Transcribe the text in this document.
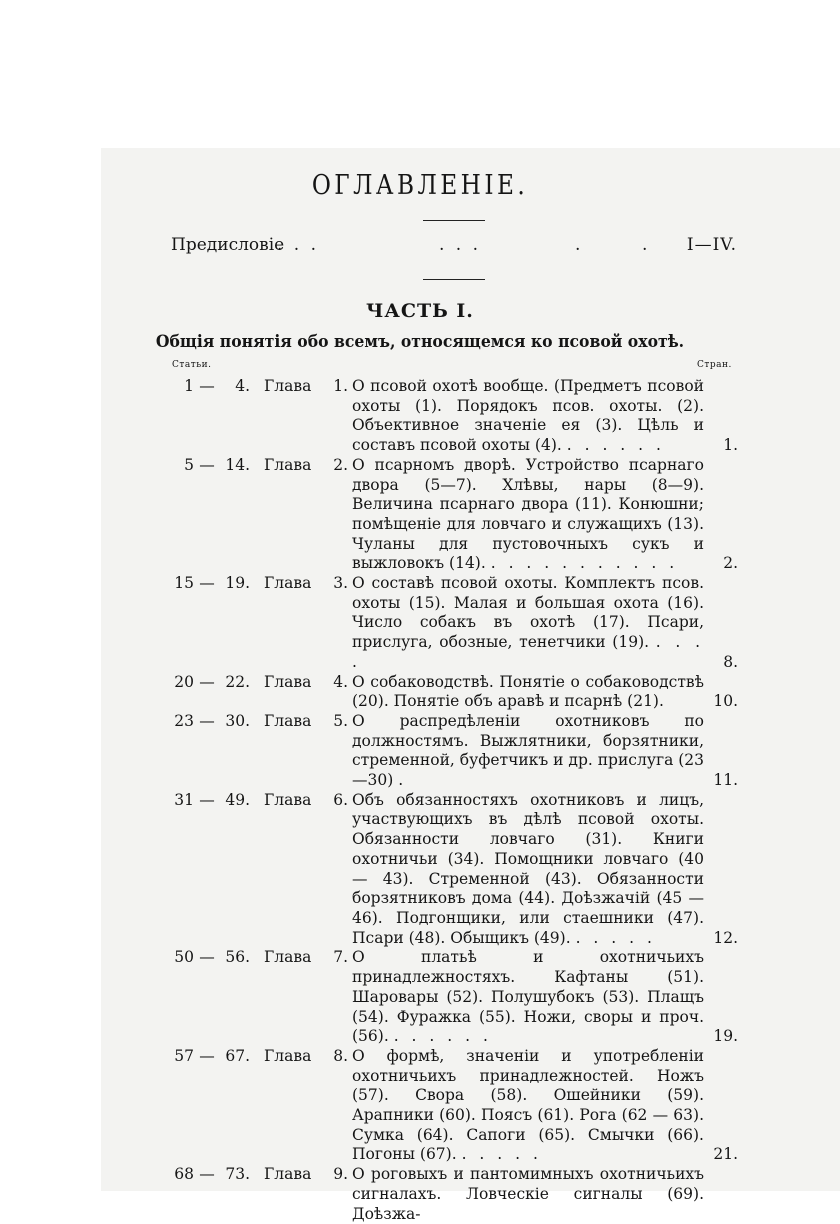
ОГЛАВЛЕНІЕ.
Предисловіе
. . .	. . .	.	. I—IV.
ЧАСТЬ I.
Общія понятія обо всемъ, относящемся ко псовой охотѣ.
Статьи.	Стран.
1 — 4. Глава	1. О псовой охотѣ вообще. (Предметъ псовой охоты (1). Порядокъ псов. охоты. (2). Объективное значеніе ея (3). Цѣль и составъ псовой охоты (4). . . . . . .	1.
5 — 14. Глава	2. О псарномъ дворѣ. Устройство псарнаго двора (5—7). Хлѣвы, нары (8—9). Величина псарнаго двора (11). Конюшни; помѣщеніе для ловчаго и служащихъ (13). Чуланы для пустовочныхъ сукъ и выжловокъ (14). . . . . . . . . . . .	2.
15 — 19. Глава	3. О составѣ псовой охоты. Комплектъ псов. охоты (15). Малая и большая охота (16). Число собакъ въ охотѣ (17). Псари, прислуга, обозные, тенетчики (19). . . . .	8.
20 — 22. Глава	4. О собаководствѣ. Понятіе о собаководствѣ (20). Понятіе объ аравѣ и псарнѣ (21).	10.
23 — 30. Глава	5. О распредѣленіи охотниковъ по должностямъ. Выжлятники, борзятники, стременной, буфетчикъ и др. прислуга (23—30) .	11.
31 — 49. Глава	6. Объ обязанностяхъ охотниковъ и лицъ, участвующихъ въ дѣлѣ псовой охоты. Обязанности ловчаго (31). Книги охотничьи (34). Помощники ловчаго (40 — 43). Стременной (43). Обязанности борзятниковъ дома (44). Доѣзжачій (45 — 46). Подгонщики, или стаешники (47). Псари (48). Обыщикъ (49). . . . . .	12.
50 — 56. Глава	7. О платьѣ и охотничьихъ принадлежностяхъ. Кафтаны (51). Шаровары (52). Полушубокъ (53). Плащъ (54). Фуражка (55). Ножи, своры и проч. (56). . . . . . .	19.
57 — 67. Глава	8. О формѣ, значеніи и употребленіи охотничьихъ принадлежностей. Ножъ (57). Свора (58). Ошейники (59). Арапники (60). Поясъ (61). Рога (62 — 63). Сумка (64). Сапоги (65). Смычки (66). Погоны (67). . . . . .	21.
68 — 73. Глава	9. О роговыхъ и пантомимныхъ охотничьихъ сигналахъ. Ловческіе сигналы (69). Доѣзжа-
